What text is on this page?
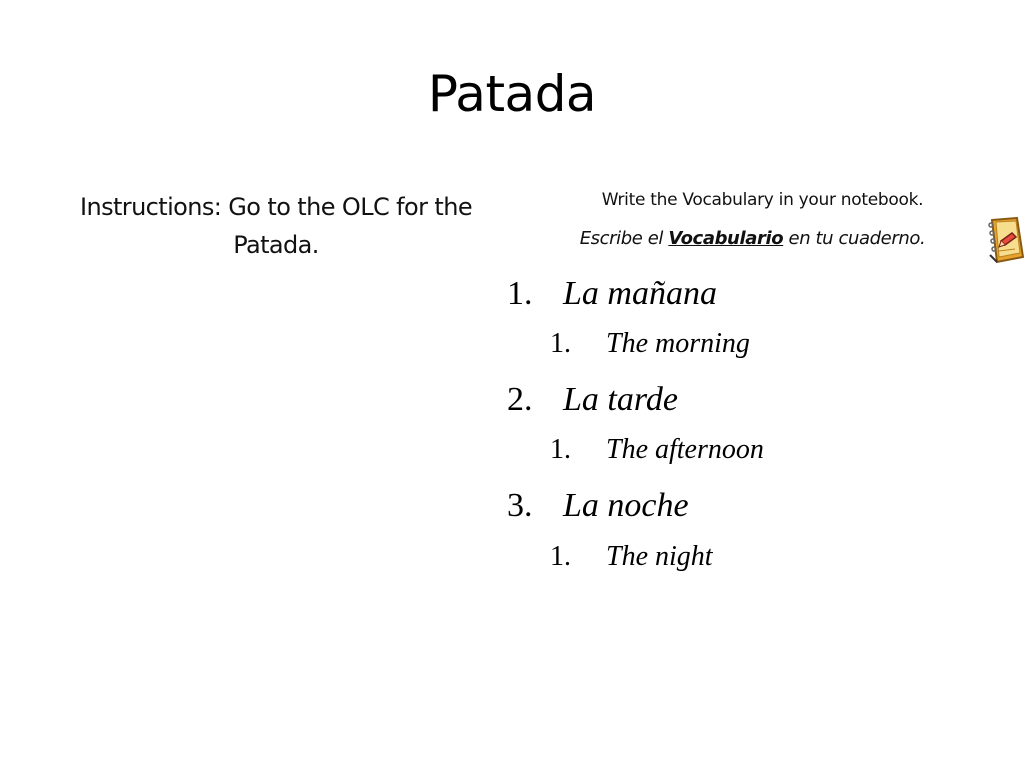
Patada
Instructions: Go to the OLC for the Patada.
Write the Vocabulary in your notebook.
Escribe el Vocabulario en tu cuaderno.
1. La mañana
1. The morning
2. La tarde
1. The afternoon
3. La noche
1. The night
